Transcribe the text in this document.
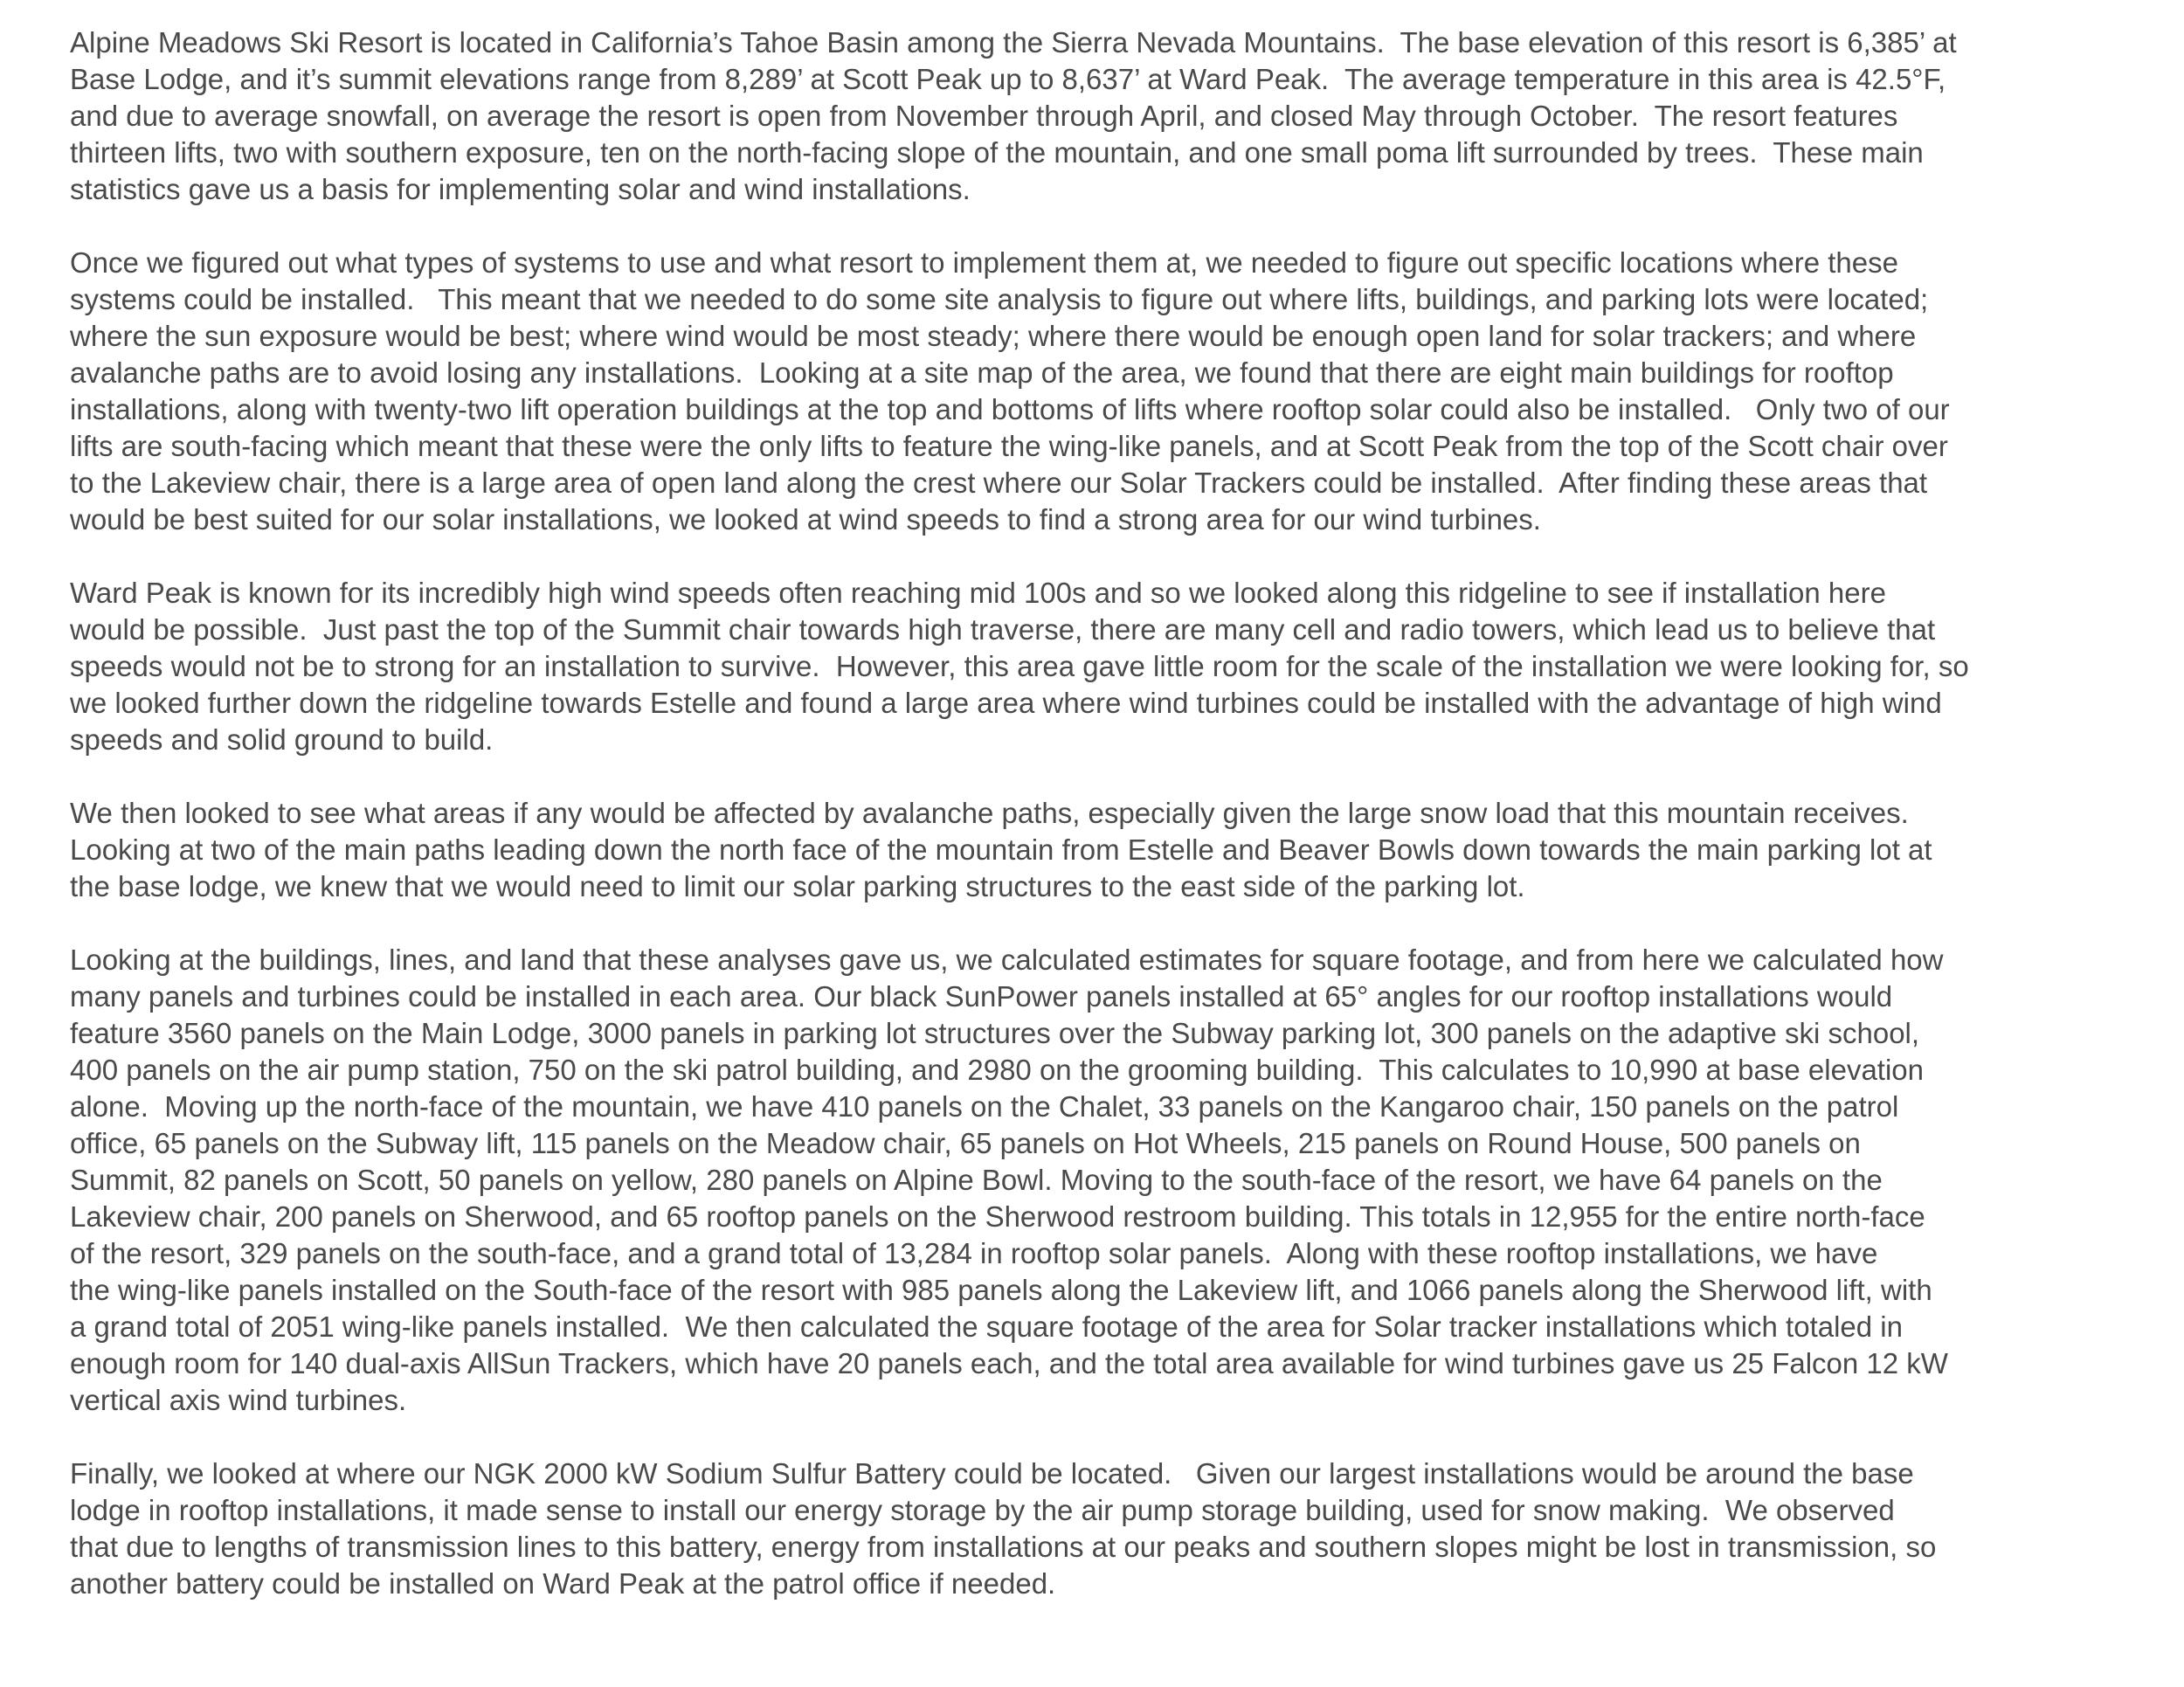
Alpine Meadows Ski Resort is located in California’s Tahoe Basin among the Sierra Nevada Mountains.  The base elevation of this resort is 6,385’ at
Base Lodge, and it’s summit elevations range from 8,289’ at Scott Peak up to 8,637’ at Ward Peak.  The average temperature in this area is 42.5°F,
and due to average snowfall, on average the resort is open from November through April, and closed May through October.  The resort features
thirteen lifts, two with southern exposure, ten on the north-facing slope of the mountain, and one small poma lift surrounded by trees.  These main
statistics gave us a basis for implementing solar and wind installations.

Once we figured out what types of systems to use and what resort to implement them at, we needed to figure out specific locations where these
systems could be installed.   This meant that we needed to do some site analysis to figure out where lifts, buildings, and parking lots were located;
where the sun exposure would be best; where wind would be most steady; where there would be enough open land for solar trackers; and where
avalanche paths are to avoid losing any installations.  Looking at a site map of the area, we found that there are eight main buildings for rooftop
installations, along with twenty-two lift operation buildings at the top and bottoms of lifts where rooftop solar could also be installed.   Only two of our
lifts are south-facing which meant that these were the only lifts to feature the wing-like panels, and at Scott Peak from the top of the Scott chair over
to the Lakeview chair, there is a large area of open land along the crest where our Solar Trackers could be installed.  After finding these areas that
would be best suited for our solar installations, we looked at wind speeds to find a strong area for our wind turbines.

Ward Peak is known for its incredibly high wind speeds often reaching mid 100s and so we looked along this ridgeline to see if installation here
would be possible.  Just past the top of the Summit chair towards high traverse, there are many cell and radio towers, which lead us to believe that
speeds would not be to strong for an installation to survive.  However, this area gave little room for the scale of the installation we were looking for, so
we looked further down the ridgeline towards Estelle and found a large area where wind turbines could be installed with the advantage of high wind
speeds and solid ground to build.

We then looked to see what areas if any would be affected by avalanche paths, especially given the large snow load that this mountain receives.
Looking at two of the main paths leading down the north face of the mountain from Estelle and Beaver Bowls down towards the main parking lot at
the base lodge, we knew that we would need to limit our solar parking structures to the east side of the parking lot.

Looking at the buildings, lines, and land that these analyses gave us, we calculated estimates for square footage, and from here we calculated how
many panels and turbines could be installed in each area. Our black SunPower panels installed at 65° angles for our rooftop installations would
feature 3560 panels on the Main Lodge, 3000 panels in parking lot structures over the Subway parking lot, 300 panels on the adaptive ski school,
400 panels on the air pump station, 750 on the ski patrol building, and 2980 on the grooming building.  This calculates to 10,990 at base elevation
alone.  Moving up the north-face of the mountain, we have 410 panels on the Chalet, 33 panels on the Kangaroo chair, 150 panels on the patrol
office, 65 panels on the Subway lift, 115 panels on the Meadow chair, 65 panels on Hot Wheels, 215 panels on Round House, 500 panels on
Summit, 82 panels on Scott, 50 panels on yellow, 280 panels on Alpine Bowl. Moving to the south-face of the resort, we have 64 panels on the
Lakeview chair, 200 panels on Sherwood, and 65 rooftop panels on the Sherwood restroom building. This totals in 12,955 for the entire north-face
of the resort, 329 panels on the south-face, and a grand total of 13,284 in rooftop solar panels.  Along with these rooftop installations, we have
the wing-like panels installed on the South-face of the resort with 985 panels along the Lakeview lift, and 1066 panels along the Sherwood lift, with
a grand total of 2051 wing-like panels installed.  We then calculated the square footage of the area for Solar tracker installations which totaled in
enough room for 140 dual-axis AllSun Trackers, which have 20 panels each, and the total area available for wind turbines gave us 25 Falcon 12 kW
vertical axis wind turbines.

Finally, we looked at where our NGK 2000 kW Sodium Sulfur Battery could be located.   Given our largest installations would be around the base
lodge in rooftop installations, it made sense to install our energy storage by the air pump storage building, used for snow making.  We observed
that due to lengths of transmission lines to this battery, energy from installations at our peaks and southern slopes might be lost in transmission, so
another battery could be installed on Ward Peak at the patrol office if needed.
